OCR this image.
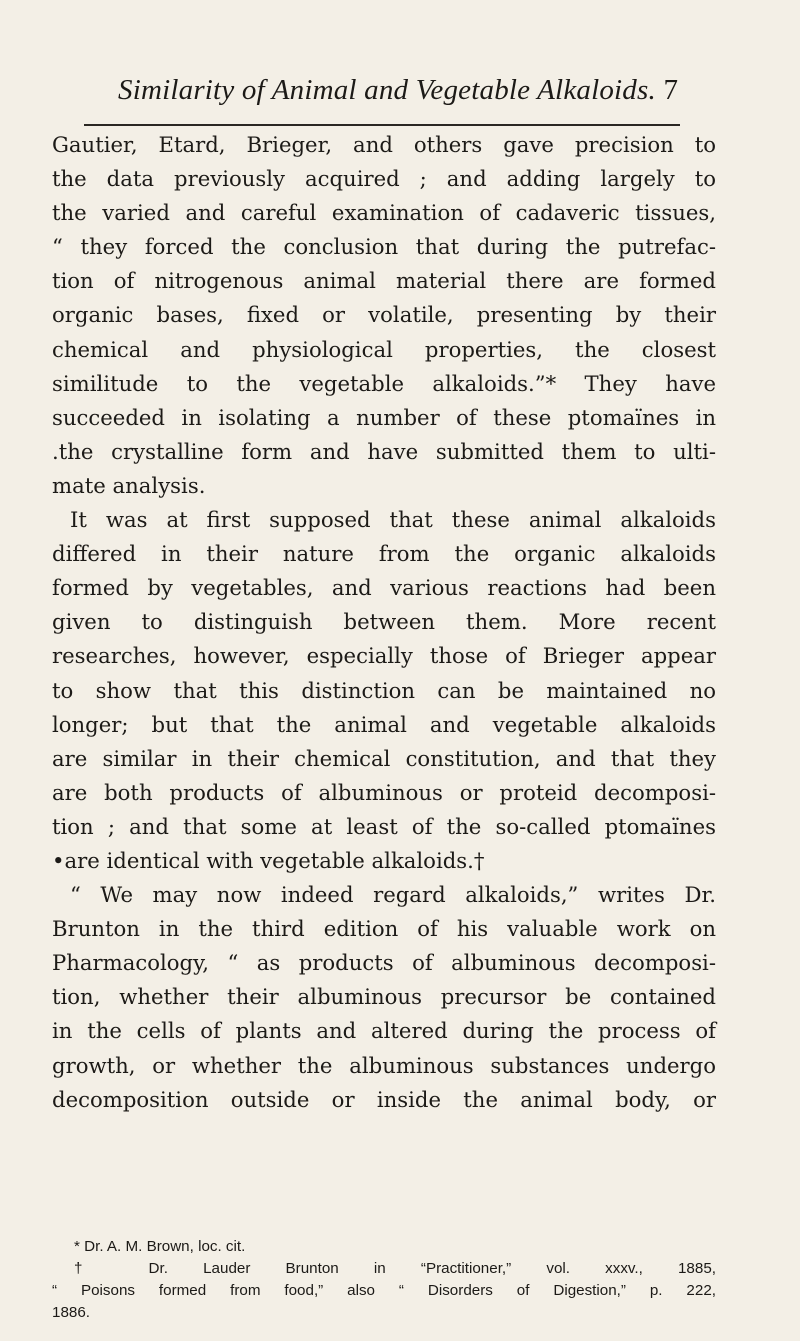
Similarity of Animal and Vegetable Alkaloids. 7
Gautier, Etard, Brieger, and others gave precision to
the data previously acquired ; and adding largely to
the varied and careful examination of cadaveric tissues,
“ they forced the conclusion that during the putrefac-
tion of nitrogenous animal material there are formed
organic bases, fixed or volatile, presenting by their
chemical and physiological properties, the closest
similitude to the vegetable alkaloids.”* They have
succeeded in isolating a number of these ptomaïnes in
.the crystalline form and have submitted them to ulti-
mate analysis.
It was at first supposed that these animal alkaloids
differed in their nature from the organic alkaloids
formed by vegetables, and various reactions had been
given to distinguish between them. More recent
researches, however, especially those of Brieger appear
to show that this distinction can be maintained no
longer; but that the animal and vegetable alkaloids
are similar in their chemical constitution, and that they
are both products of albuminous or proteid decomposi-
tion ; and that some at least of the so-called ptomaïnes
•are identical with vegetable alkaloids.†
“ We may now indeed regard alkaloids,” writes Dr.
Brunton in the third edition of his valuable work on
Pharmacology, “ as products of albuminous decomposi-
tion, whether their albuminous precursor be contained
in the cells of plants and altered during the process of
growth, or whether the albuminous substances undergo
decomposition outside or inside the animal body, or
* Dr. A. M. Brown, loc. cit.
† Dr. Lauder Brunton in “Practitioner,” vol. xxxv., 1885,
“ Poisons formed from food,” also “ Disorders of Digestion,” p. 222,
1886.
